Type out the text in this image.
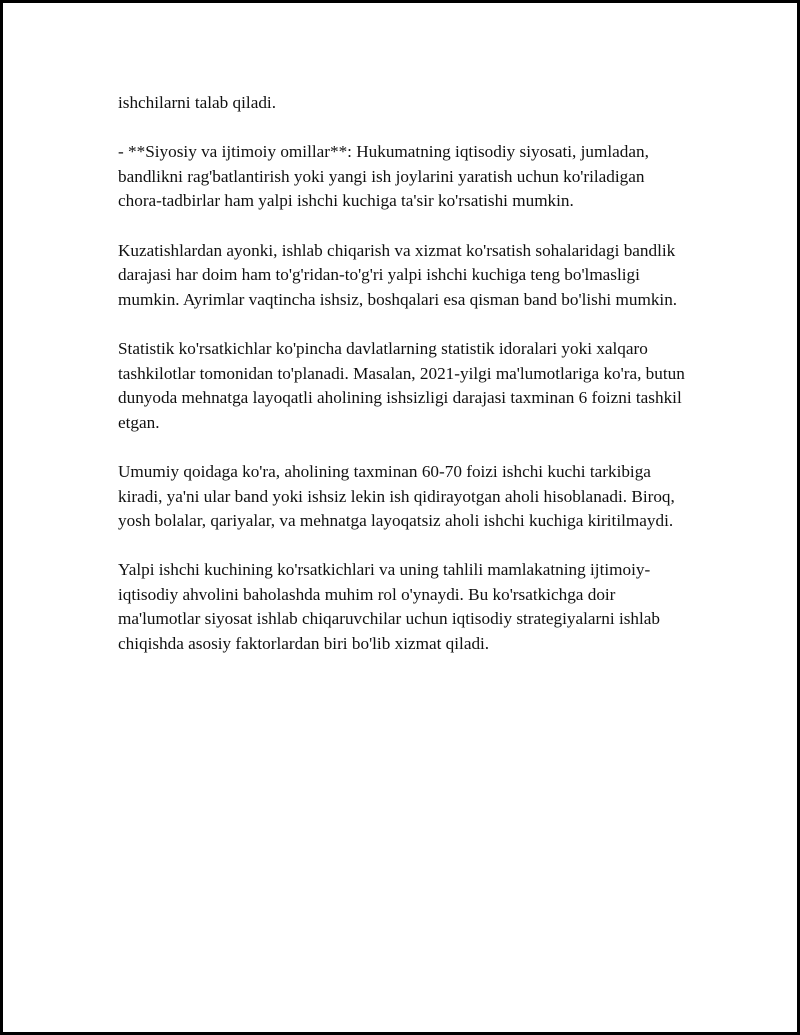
ishchilarni talab qiladi.

- **Siyosiy va ijtimoiy omillar**: Hukumatning iqtisodiy siyosati, jumladan, bandlikni rag'batlantirish yoki yangi ish joylarini yaratish uchun ko'riladigan chora-tadbirlar ham yalpi ishchi kuchiga ta'sir ko'rsatishi mumkin.

Kuzatishlardan ayonki, ishlab chiqarish va xizmat ko'rsatish sohalaridagi bandlik darajasi har doim ham to'g'ridan-to'g'ri yalpi ishchi kuchiga teng bo'lmasligi mumkin. Ayrimlar vaqtincha ishsiz, boshqalari esa qisman band bo'lishi mumkin.

Statistik ko'rsatkichlar ko'pincha davlatlarning statistik idoralari yoki xalqaro tashkilotlar tomonidan to'planadi. Masalan, 2021-yilgi ma'lumotlariga ko'ra, butun dunyoda mehnatga layoqatli aholining ishsizligi darajasi taxminan 6 foizni tashkil etgan.

Umumiy qoidaga ko'ra, aholining taxminan 60-70 foizi ishchi kuchi tarkibiga kiradi, ya'ni ular band yoki ishsiz lekin ish qidirayotgan aholi hisoblanadi. Biroq, yosh bolalar, qariyalar, va mehnatga layoqatsiz aholi ishchi kuchiga kiritilmaydi.

Yalpi ishchi kuchining ko'rsatkichlari va uning tahlili mamlakatning ijtimoiy-iqtisodiy ahvolini baholashda muhim rol o'ynaydi. Bu ko'rsatkichga doir ma'lumotlar siyosat ishlab chiqaruvchilar uchun iqtisodiy strategiyalarni ishlab chiqishda asosiy faktorlardan biri bo'lib xizmat qiladi.
